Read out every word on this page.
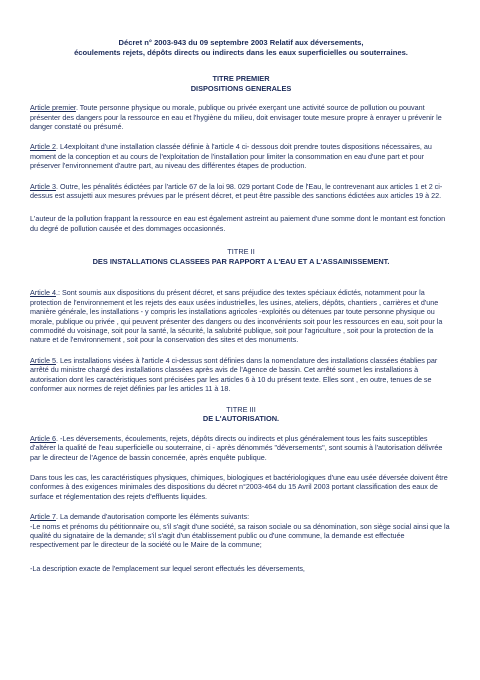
Décret n° 2003-943 du 09 septembre 2003 Relatif aux déversements,
écoulements rejets, dépôts directs ou indirects dans les eaux superficielles ou souterraines.
TITRE PREMIER
DISPOSITIONS GENERALES

Article premier. Toute personne physique ou morale, publique ou privée exerçant une activité source de pollution ou pouvant présenter des dangers pour la ressource en eau et l'hygiène du milieu, doit envisager toute mesure propre à enrayer u prévenir le danger constaté ou présumé.

Article 2. L4exploitant d'une installation classée définie à l'article 4 ci- dessous doit prendre toutes dispositions nécessaires, au moment de la conception et au cours de l'exploitation de l'installation pour limiter la consommation en eau d'une part et pour préserver l'environnement d'autre part, au niveau des différentes étapes de production.

Article 3. Outre, les pénalités édictées par l'article 67 de la loi 98. 029 portant Code de l'Eau, le contrevenant aux articles 1 et 2 ci-dessus est assujetti aux mesures prévues par le présent décret, et peut être passible des sanctions édictées aux articles 19 à 22.

L'auteur de la pollution frappant la ressource en eau est également astreint au paiement d'une somme dont le montant est fonction du degré de pollution causée et des dommages occasionnés.

TITRE II
DES INSTALLATIONS CLASSEES PAR RAPPORT A L'EAU ET A L'ASSAINISSEMENT.

Article 4.: Sont soumis aux dispositions du présent décret, et sans préjudice des textes spéciaux édictés, notamment pour la protection de l'environnement et les rejets des eaux usées industrielles, les usines, ateliers, dépôts, chantiers , carrières et d'une manière générale, les installations - y compris les installations agricoles -exploités ou détenues par toute personne physique ou morale, publique ou privée , qui peuvent présenter des dangers ou des inconvénients soit pour les ressources en eau, soit pour la commodité du voisinage, soit pour la santé, la sécurité, la salubrité publique, soit pour l'agriculture , soit pour la protection de la nature et de l'environnement , soit pour la conservation des sites et des monuments.

Article 5. Les installations visées à l'article 4 ci-dessus sont définies dans la nomenclature des installations classées établies par arrêté du ministre chargé des installations classées après avis de l'Agence de bassin. Cet arrêté soumet les installations à autorisation dont les caractéristiques sont précisées par les articles 6 à 10 du présent texte. Elles sont , en outre, tenues de se conformer aux normes de rejet définies par les articles 11 à 18.

TITRE III
DE L'AUTORISATION.

Article 6. -Les déversements, écoulements, rejets, dépôts directs ou indirects et plus généralement tous les faits susceptibles d'altérer la qualité de l'eau superficielle ou souterraine, ci - après dénommés "déversements", sont soumis à l'autorisation délivrée par le directeur de l'Agence de bassin concernée, après enquête publique.

Dans tous les cas, les caractéristiques physiques, chimiques, biologiques et bactériologiques d'une eau usée déversée doivent être conformes à des exigences minimales des dispositions du décret n°2003-464 du 15 Avril 2003 portant classification des eaux de surface et réglementation des rejets d'effluents liquides.

Article 7. La demande d'autorisation comporte les éléments suivants:

-Le noms et prénoms du pétitionnaire ou, s'il s'agit d'une société, sa raison sociale ou sa dénomination, son siège social ainsi que la qualité du signataire de la demande; s'il s'agit d'un établissement public ou d'une commune, la demande est effectuée respectivement par le directeur de la société ou le Maire de la commune;

-La description exacte de l'emplacement sur lequel seront effectués les déversements,
